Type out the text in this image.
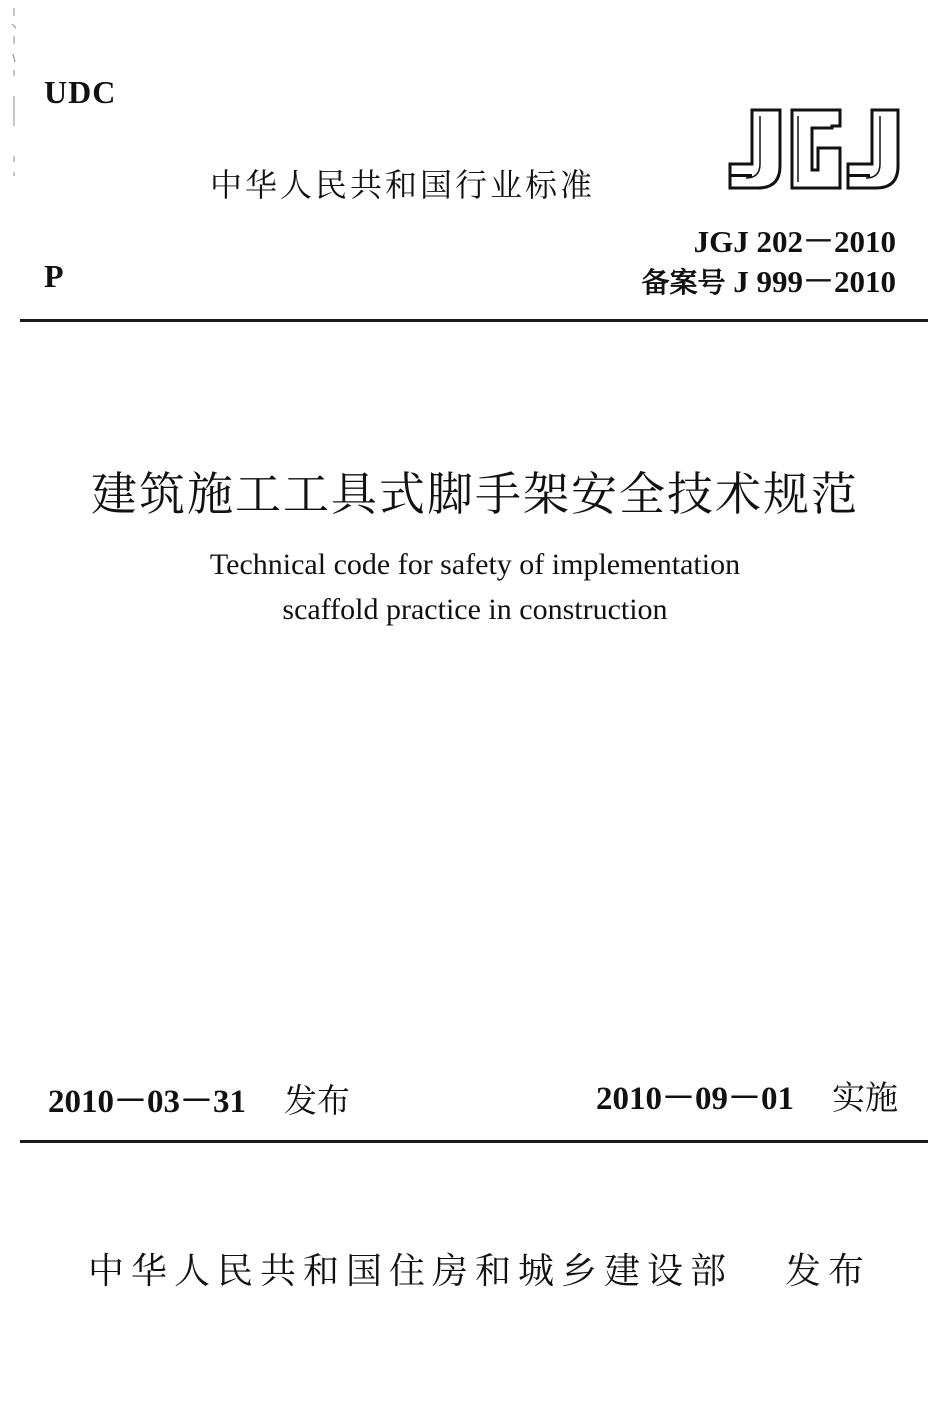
UDC
中华人民共和国行业标准
JGJ 202－2010
备案号 J 999－2010
P
建筑施工工具式脚手架安全技术规范
Technical code for safety of implementation
scaffold practice in construction
2010－03－31 发布	2010－09－01 实施
中华人民共和国住房和城乡建设部 发布
